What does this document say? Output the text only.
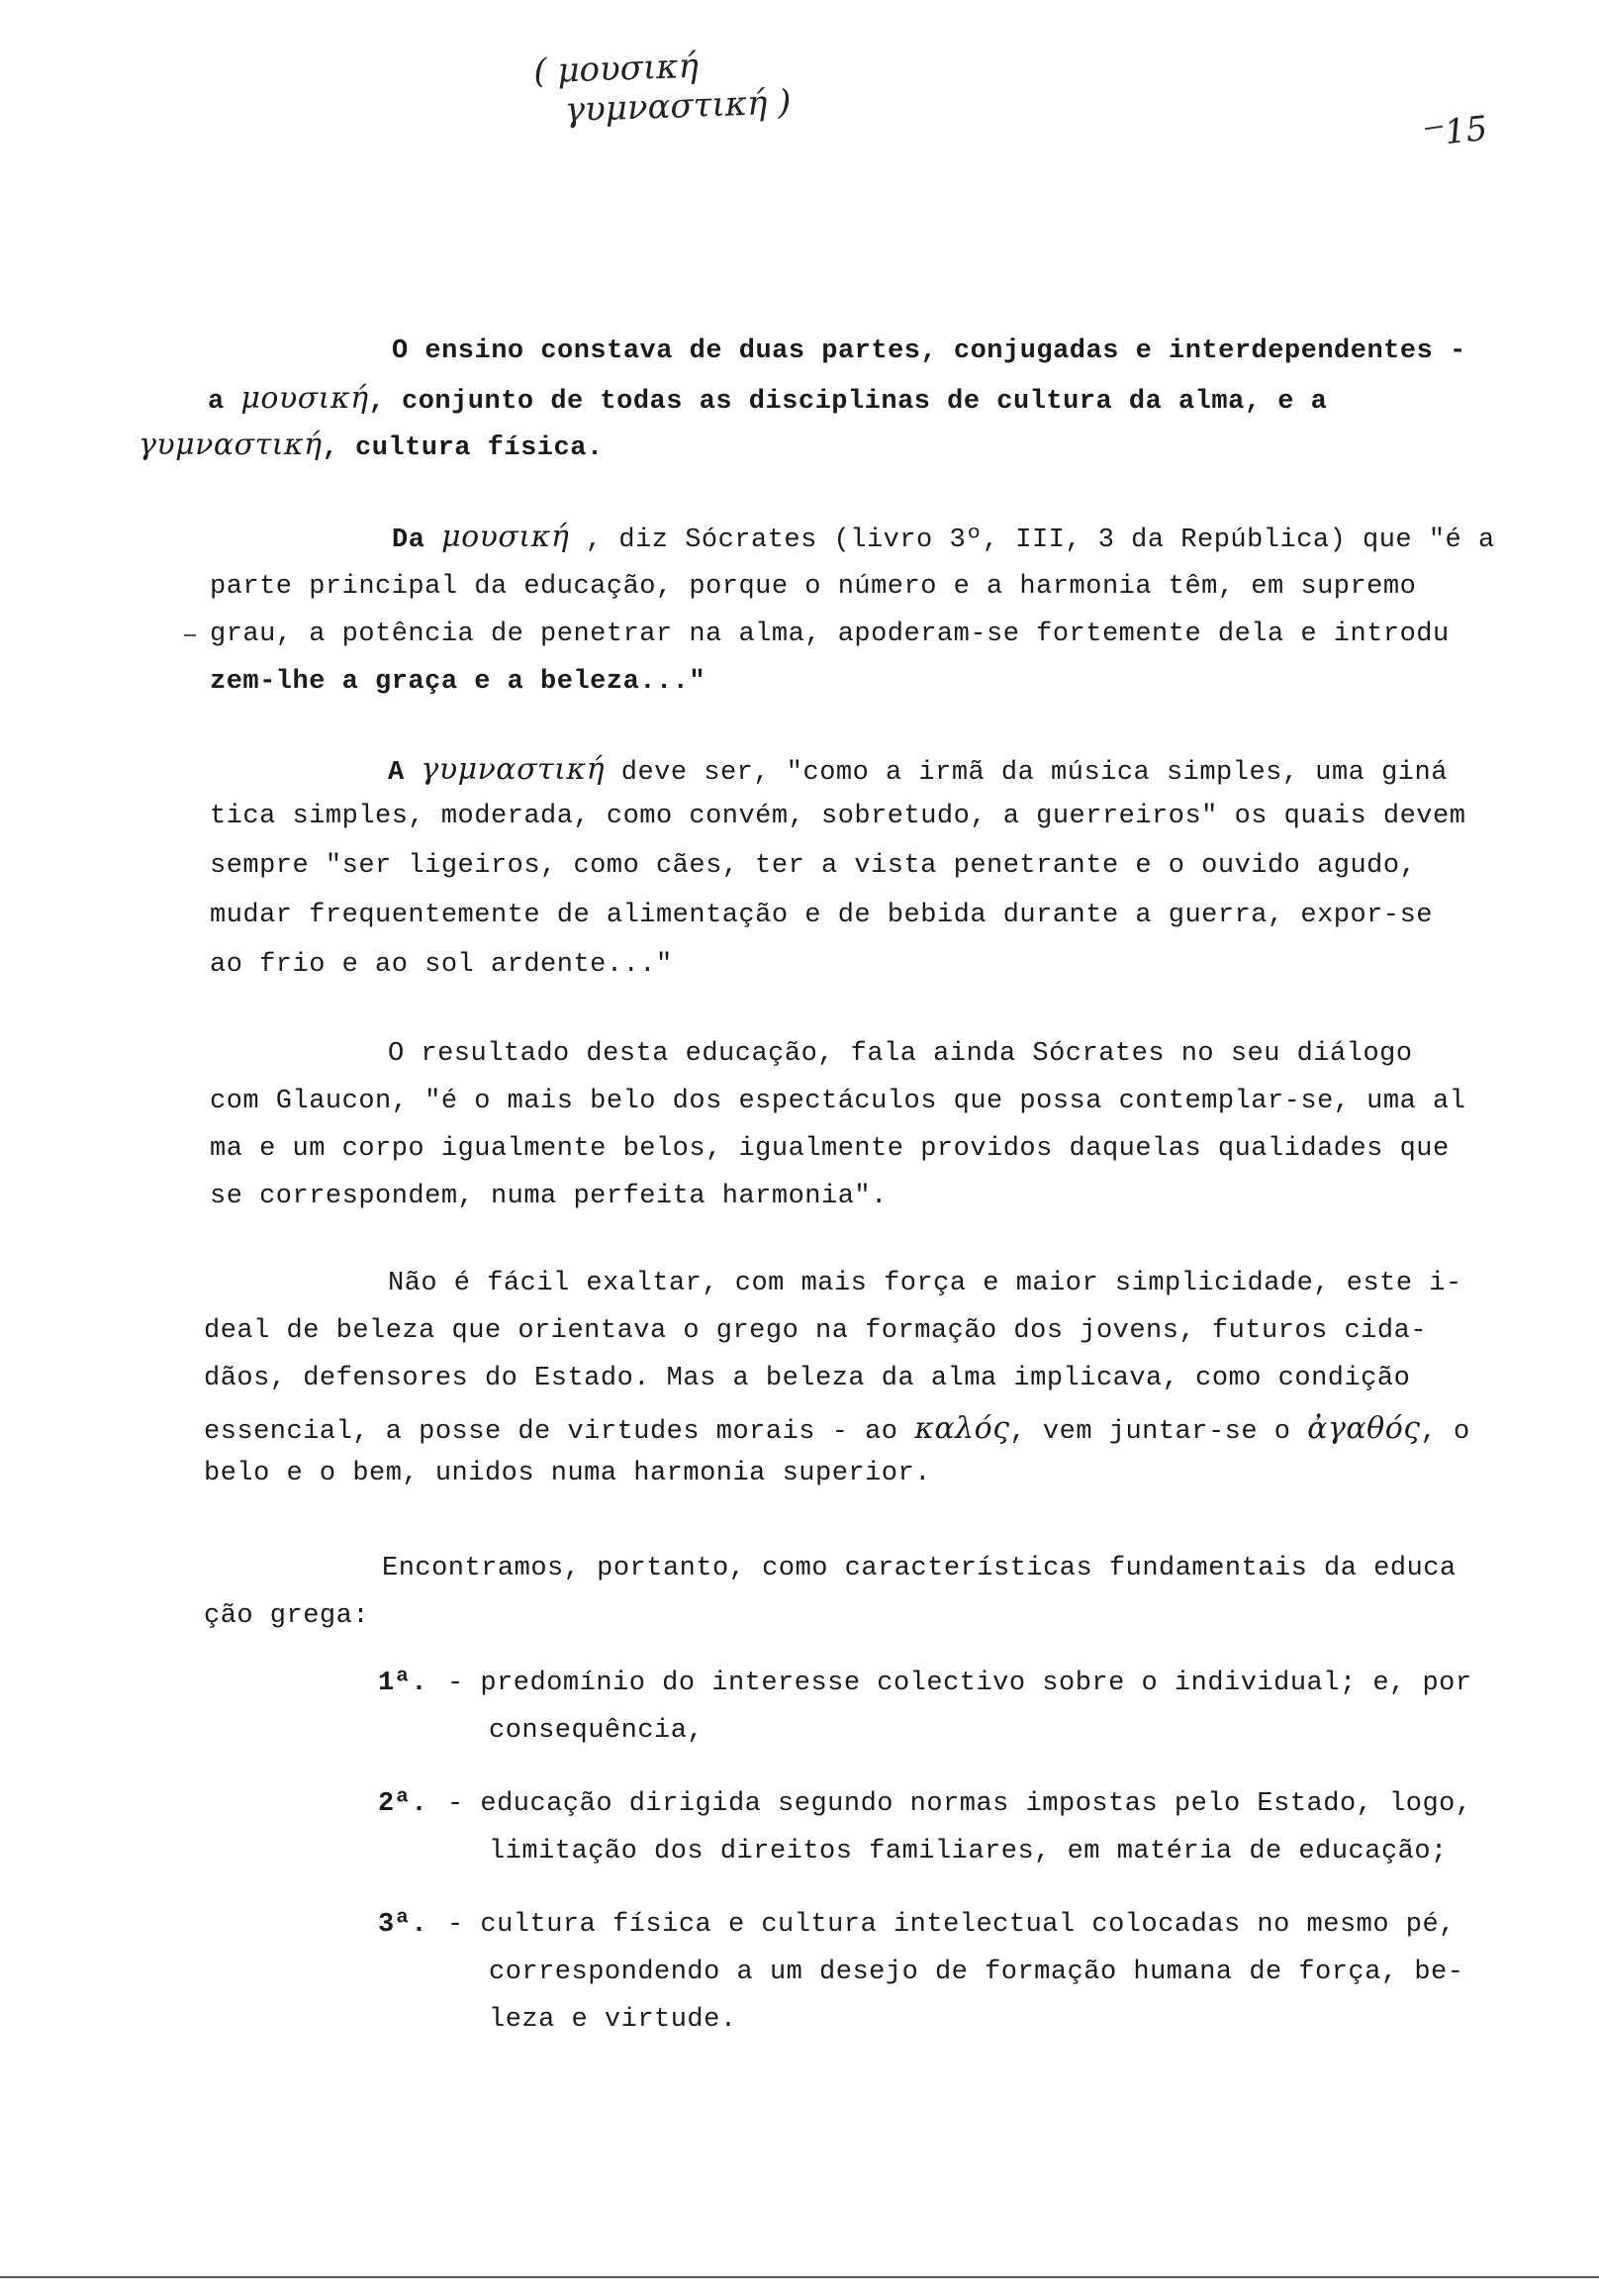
( μουσική
γυμναστική )
15
O ensino constava de duas partes, conjugadas e interdependentes -
a μουσική, conjunto de todas as disciplinas de cultura da alma, e a
γυμναστική, cultura física.
Da μουσική , diz Sócrates (livro 3º, III, 3 da República) que "é a
parte principal da educação, porque o número e a harmonia têm, em supremo
grau, a potência de penetrar na alma, apoderam-se fortemente dela e introdu
zem-lhe a graça e a beleza..."
A γυμναστική deve ser, "como a irmã da música simples, uma giná
tica simples, moderada, como convém, sobretudo, a guerreiros" os quais devem
sempre "ser ligeiros, como cães, ter a vista penetrante e o ouvido agudo,
mudar frequentemente de alimentação e de bebida durante a guerra, expor-se
ao frio e ao sol ardente..."
O resultado desta educação, fala ainda Sócrates no seu diálogo
com Glaucon, "é o mais belo dos espectáculos que possa contemplar-se, uma al
ma e um corpo igualmente belos, igualmente providos daquelas qualidades que
se correspondem, numa perfeita harmonia".
Não é fácil exaltar, com mais força e maior simplicidade, este i-
deal de beleza que orientava o grego na formação dos jovens, futuros cida-
dãos, defensores do Estado. Mas a beleza da alma implicava, como condição
essencial, a posse de virtudes morais - ao καλός, vem juntar-se o ἀγαθός, o
belo e o bem, unidos numa harmonia superior.
Encontramos, portanto, como características fundamentais da educa
ção grega:
1ª. - predomínio do interesse colectivo sobre o individual; e, por
consequência,
2ª. - educação dirigida segundo normas impostas pelo Estado, logo,
limitação dos direitos familiares, em matéria de educação;
3ª. - cultura física e cultura intelectual colocadas no mesmo pé,
correspondendo a um desejo de formação humana de força, be-
leza e virtude.
